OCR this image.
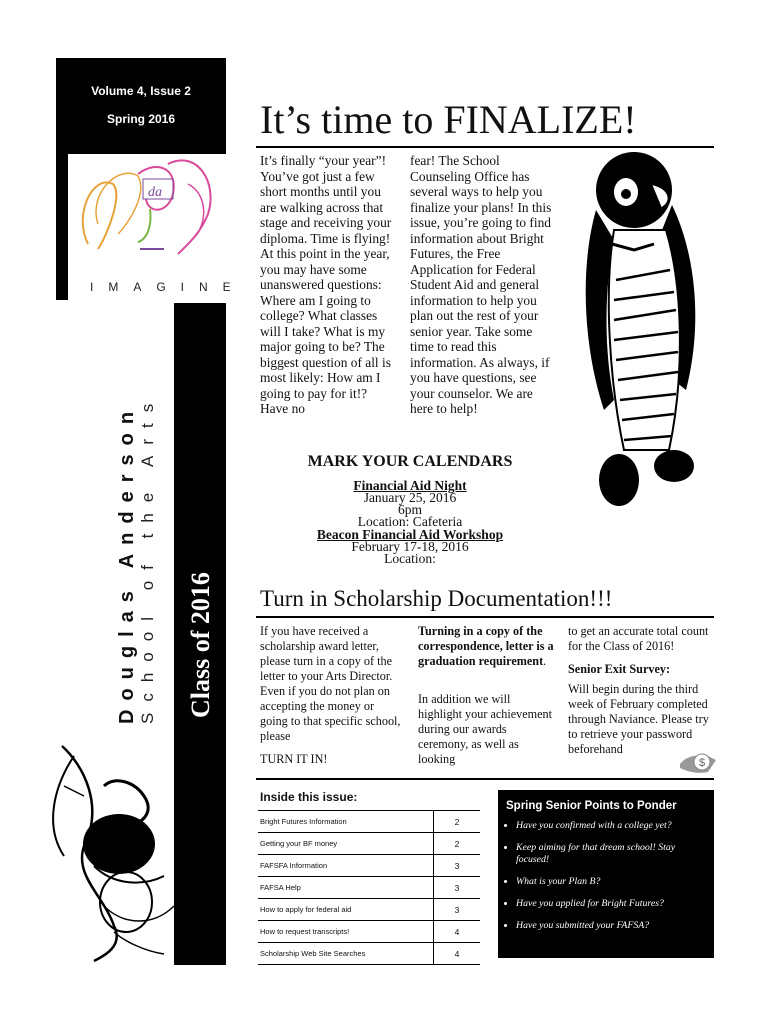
Volume 4, Issue 2
Spring 2016
da
IMAGINE
Douglas Anderson School of the Arts Class of 2016
It’s time to FINALIZE!
It’s finally “your year”! You’ve got just a few short months until you are walking across that stage and receiving your diploma. Time is flying! At this point in the year, you may have some unanswered questions: Where am I going to college? What classes will I take? What is my major going to be? The biggest question of all is most likely: How am I going to pay for it!? Have no
fear! The School Counseling Office has several ways to help you finalize your plans! In this issue, you’re going to find information about Bright Futures, the Free Application for Federal Student Aid and general information to help you plan out the rest of your senior year. Take some time to read this information. As always, if you have questions, see your counselor. We are here to help!
MARK YOUR CALENDARS
Financial Aid Night
January 25, 2016
6pm
Location: Cafeteria
Beacon Financial Aid Workshop
February 17-18, 2016
Location:
Turn in Scholarship Documentation!!!
If you have received a scholarship award letter, please turn in a copy of the letter to your Arts Director. Even if you do not plan on accepting the money or going to that specific school, please
TURN IT IN!
Turning in a copy of the correspondence, letter is a graduation requirement.
In addition we will highlight your achievement during our awards ceremony, as well as looking
to get an accurate total count for the Class of 2016!
Senior Exit Survey:
Will begin during the third week of February completed through Naviance. Please try to retrieve your password beforehand
$
Inside this issue:
Bright Futures Information	2
Getting your BF money	2
FAFSFA Information	3
FAFSA Help	3
How to apply for federal aid	3
How to request transcripts!	4
Scholarship Web Site Searches	4
Spring Senior Points to Ponder
• Have you confirmed with a college yet?
• Keep aiming for that dream school! Stay focused!
• What is your Plan B?
• Have you applied for Bright Futures?
• Have you submitted your FAFSA?
